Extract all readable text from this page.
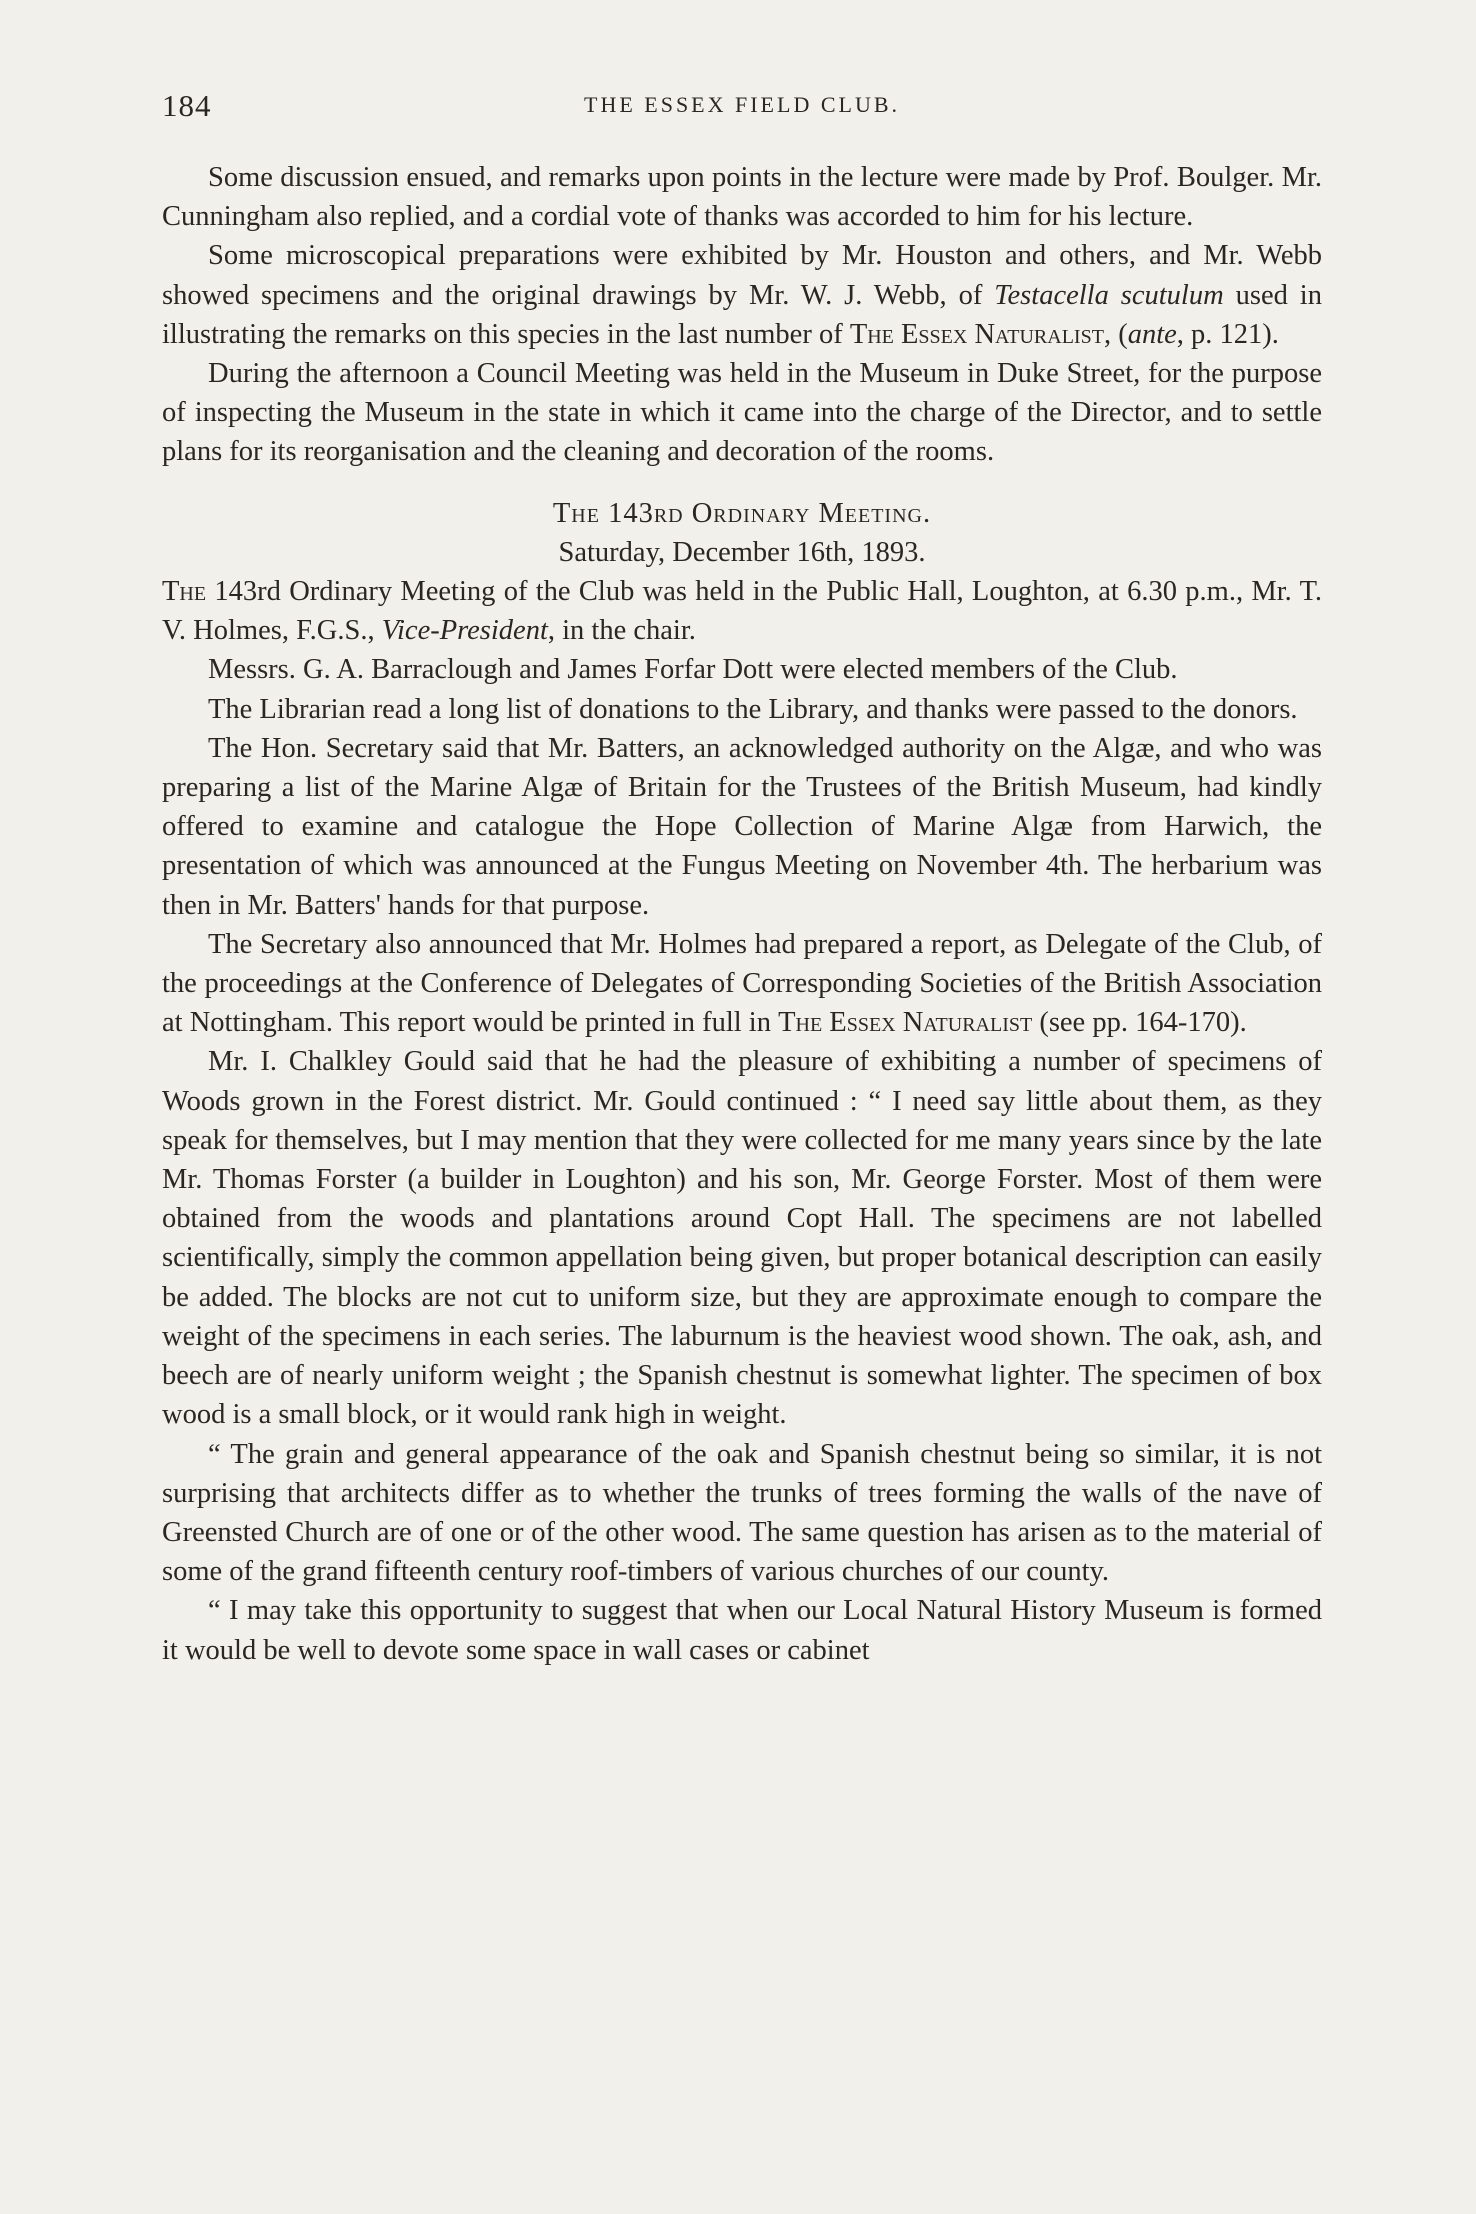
184	THE ESSEX FIELD CLUB.

Some discussion ensued, and remarks upon points in the lecture were made by Prof. Boulger. Mr. Cunningham also replied, and a cordial vote of thanks was accorded to him for his lecture.

Some microscopical preparations were exhibited by Mr. Houston and others, and Mr. Webb showed specimens and the original drawings by Mr. W. J. Webb, of Testacella scutulum used in illustrating the remarks on this species in the last number of The Essex Naturalist, (ante, p. 121).

During the afternoon a Council Meeting was held in the Museum in Duke Street, for the purpose of inspecting the Museum in the state in which it came into the charge of the Director, and to settle plans for its reorganisation and the cleaning and decoration of the rooms.

The 143rd Ordinary Meeting.

Saturday, December 16th, 1893.

The 143rd Ordinary Meeting of the Club was held in the Public Hall, Loughton, at 6.30 p.m., Mr. T. V. Holmes, F.G.S., Vice-President, in the chair.

Messrs. G. A. Barraclough and James Forfar Dott were elected members of the Club.

The Librarian read a long list of donations to the Library, and thanks were passed to the donors.

The Hon. Secretary said that Mr. Batters, an acknowledged authority on the Algæ, and who was preparing a list of the Marine Algæ of Britain for the Trustees of the British Museum, had kindly offered to examine and catalogue the Hope Collection of Marine Algæ from Harwich, the presentation of which was announced at the Fungus Meeting on November 4th. The herbarium was then in Mr. Batters' hands for that purpose.

The Secretary also announced that Mr. Holmes had prepared a report, as Delegate of the Club, of the proceedings at the Conference of Delegates of Corresponding Societies of the British Association at Nottingham. This report would be printed in full in The Essex Naturalist (see pp. 164-170).

Mr. I. Chalkley Gould said that he had the pleasure of exhibiting a number of specimens of Woods grown in the Forest district. Mr. Gould continued : “ I need say little about them, as they speak for themselves, but I may mention that they were collected for me many years since by the late Mr. Thomas Forster (a builder in Loughton) and his son, Mr. George Forster. Most of them were obtained from the woods and plantations around Copt Hall. The specimens are not labelled scientifically, simply the common appellation being given, but proper botanical description can easily be added. The blocks are not cut to uniform size, but they are approximate enough to compare the weight of the specimens in each series. The laburnum is the heaviest wood shown. The oak, ash, and beech are of nearly uniform weight ; the Spanish chestnut is somewhat lighter. The specimen of box wood is a small block, or it would rank high in weight.

“ The grain and general appearance of the oak and Spanish chestnut being so similar, it is not surprising that architects differ as to whether the trunks of trees forming the walls of the nave of Greensted Church are of one or of the other wood. The same question has arisen as to the material of some of the grand fifteenth century roof-timbers of various churches of our county.

“ I may take this opportunity to suggest that when our Local Natural History Museum is formed it would be well to devote some space in wall cases or cabinet
